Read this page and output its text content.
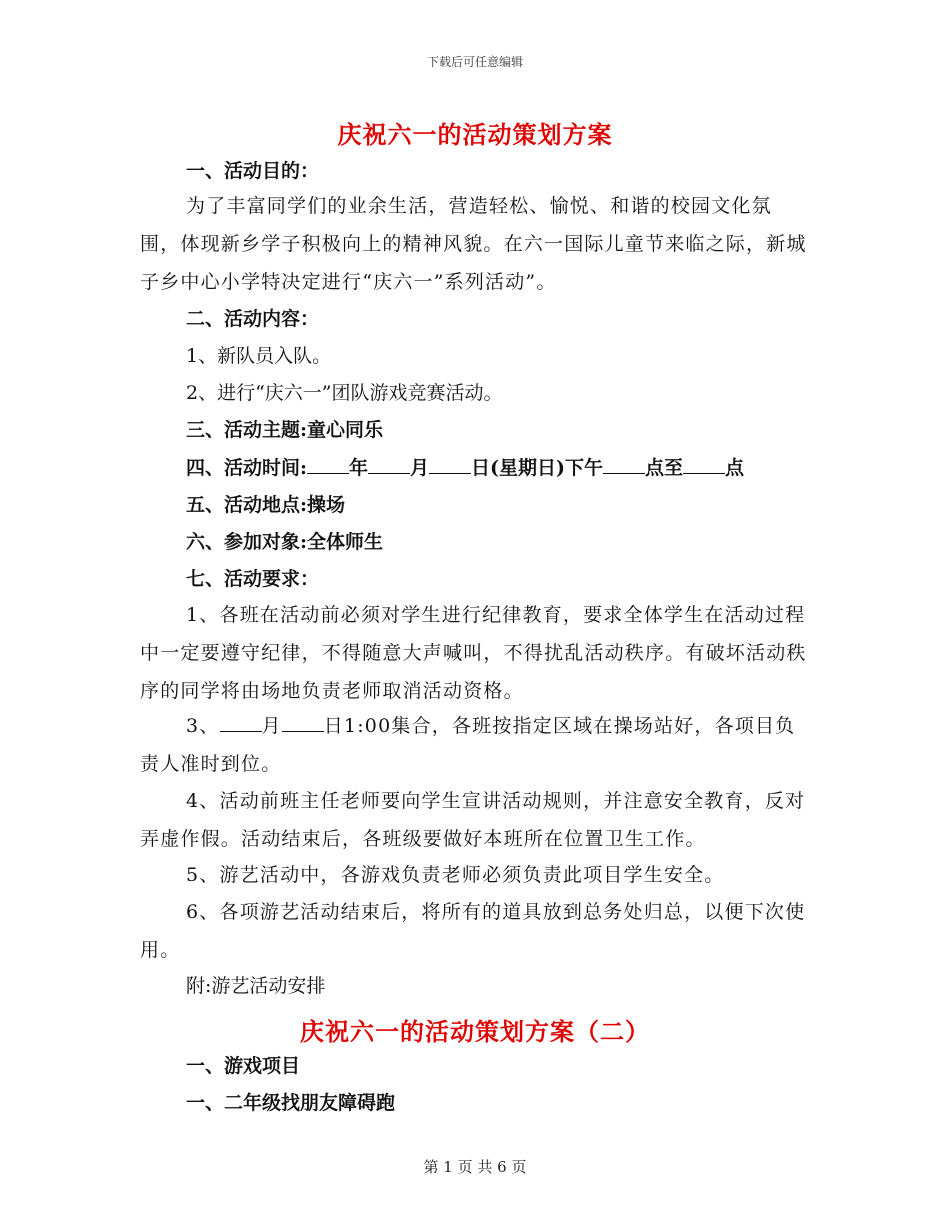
下载后可任意编辑
庆祝六一的活动策划方案
一、活动目的：
为了丰富同学们的业余生活，营造轻松、愉悦、和谐的校园文化氛围，体现新乡学子积极向上的精神风貌。在六一国际儿童节来临之际，新城子乡中心小学特决定进行“庆六一”系列活动”。
二、活动内容：
1、新队员入队。
2、进行“庆六一”团队游戏竞赛活动。
三、活动主题:童心同乐
四、活动时间: 年 月 日(星期日)下午 点至 点
五、活动地点:操场
六、参加对象:全体师生
七、活动要求：
1、各班在活动前必须对学生进行纪律教育，要求全体学生在活动过程中一定要遵守纪律，不得随意大声喊叫，不得扰乱活动秩序。有破坏活动秩序的同学将由场地负责老师取消活动资格。
3、 月 日1:00集合，各班按指定区域在操场站好，各项目负责人准时到位。
4、活动前班主任老师要向学生宣讲活动规则，并注意安全教育，反对弄虚作假。活动结束后，各班级要做好本班所在位置卫生工作。
5、游艺活动中，各游戏负责老师必须负责此项目学生安全。
6、各项游艺活动结束后，将所有的道具放到总务处归总，以便下次使用。
附:游艺活动安排
庆祝六一的活动策划方案（二）
一、游戏项目
一、二年级找朋友障碍跑
第 1 页 共 6 页
